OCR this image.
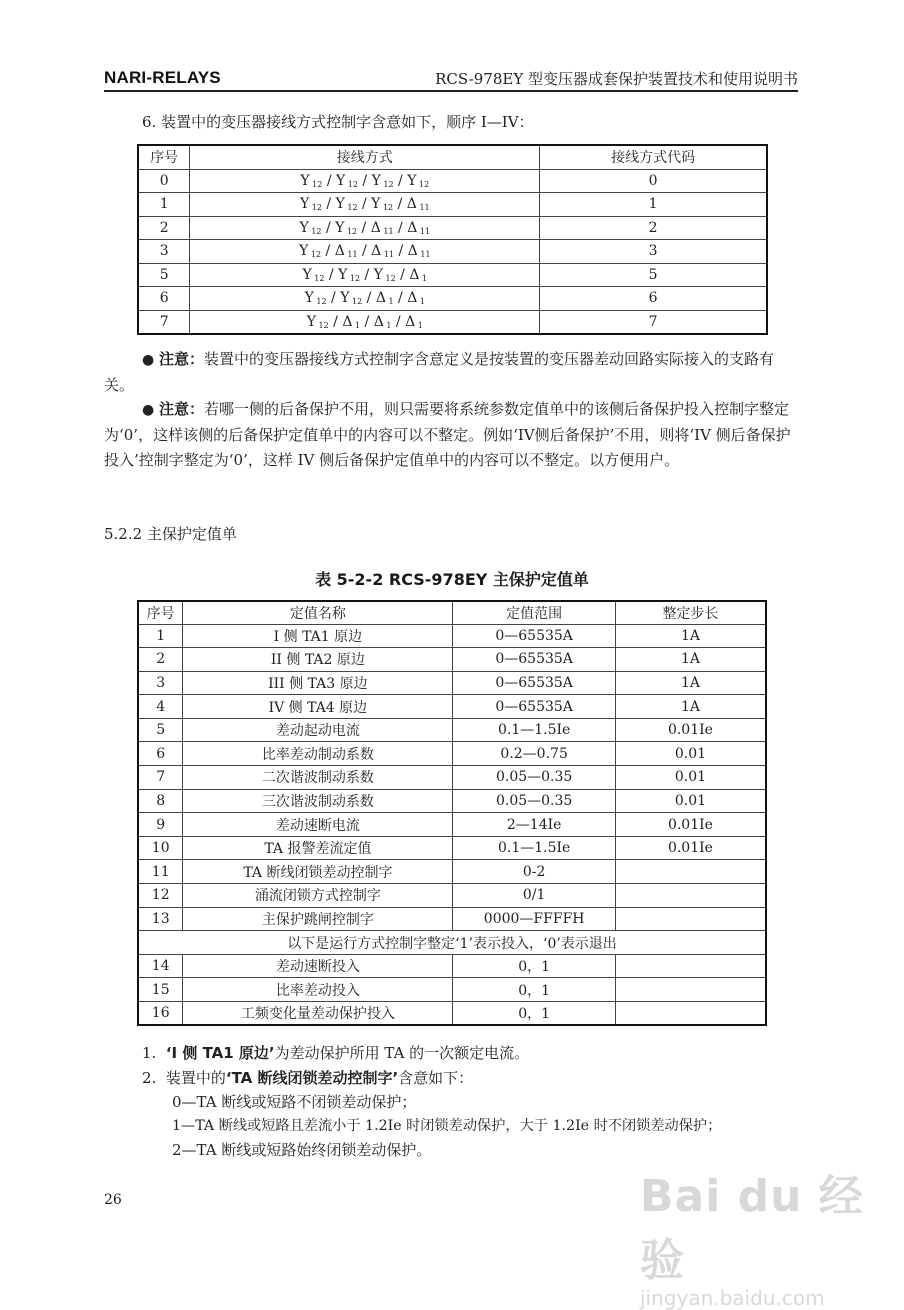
NARI-RELAYS	RCS-978EY 型变压器成套保护装置技术和使用说明书
6. 装置中的变压器接线方式控制字含意如下，顺序 I—IV：
序号	接线方式	接线方式代码
0	Y $_{12}$ / Y $_{12}$ / Y $_{12}$ / Y $_{12}$	0
1	Y $_{12}$ / Y $_{12}$ / Y $_{12}$ / Δ $_{11}$	1
2	Y $_{12}$ / Y $_{12}$ / Δ $_{11}$ / Δ $_{11}$	2
3	Y $_{12}$ / Δ $_{11}$ / Δ $_{11}$ / Δ $_{11}$	3
5	Y $_{12}$ / Y $_{12}$ / Y $_{12}$ / Δ $_1$	5
6	Y $_{12}$ / Y $_{12}$ / Δ $_1$ / Δ $_1$	6
7	Y $_{12}$ / Δ $_1$ / Δ $_1$ / Δ $_1$	7
● 注意：装置中的变压器接线方式控制字含意定义是按装置的变压器差动回路实际接入的支路有关。
● 注意：若哪一侧的后备保护不用，则只需要将系统参数定值单中的该侧后备保护投入控制字整定为‘0’，这样该侧的后备保护定值单中的内容可以不整定。例如‘IV侧后备保护’不用，则将‘IV 侧后备保护投入’控制字整定为‘0’，这样 IV 侧后备保护定值单中的内容可以不整定。以方便用户。
5.2.2 主保护定值单
表 5-2-2 RCS-978EY 主保护定值单
序号	定值名称	定值范围	整定步长
1	I 侧 TA1 原边	0—65535A	1A
2	II 侧 TA2 原边	0—65535A	1A
3	III 侧 TA3 原边	0—65535A	1A
4	IV 侧 TA4 原边	0—65535A	1A
5	差动起动电流	0.1—1.5Ie	0.01Ie
6	比率差动制动系数	0.2—0.75	0.01
7	二次谐波制动系数	0.05—0.35	0.01
8	三次谐波制动系数	0.05—0.35	0.01
9	差动速断电流	2—14Ie	0.01Ie
10	TA 报警差流定值	0.1—1.5Ie	0.01Ie
11	TA 断线闭锁差动控制字	0-2	
12	涌流闭锁方式控制字	0/1	
13	主保护跳闸控制字	0000—FFFFH	
以下是运行方式控制字整定‘1’表示投入，‘0’表示退出			
14	差动速断投入	0，1	
15	比率差动投入	0，1	
16	工频变化量差动保护投入	0，1	
1. ‘I 侧 TA1 原边’为差动保护所用 TA 的一次额定电流。
2. 装置中的‘TA 断线闭锁差动控制字’含意如下：
0—TA 断线或短路不闭锁差动保护；
1—TA 断线或短路且差流小于 1.2Ie 时闭锁差动保护，大于 1.2Ie 时不闭锁差动保护；
2—TA 断线或短路始终闭锁差动保护。
26	Bai du 经验
jingyan.baidu.com
